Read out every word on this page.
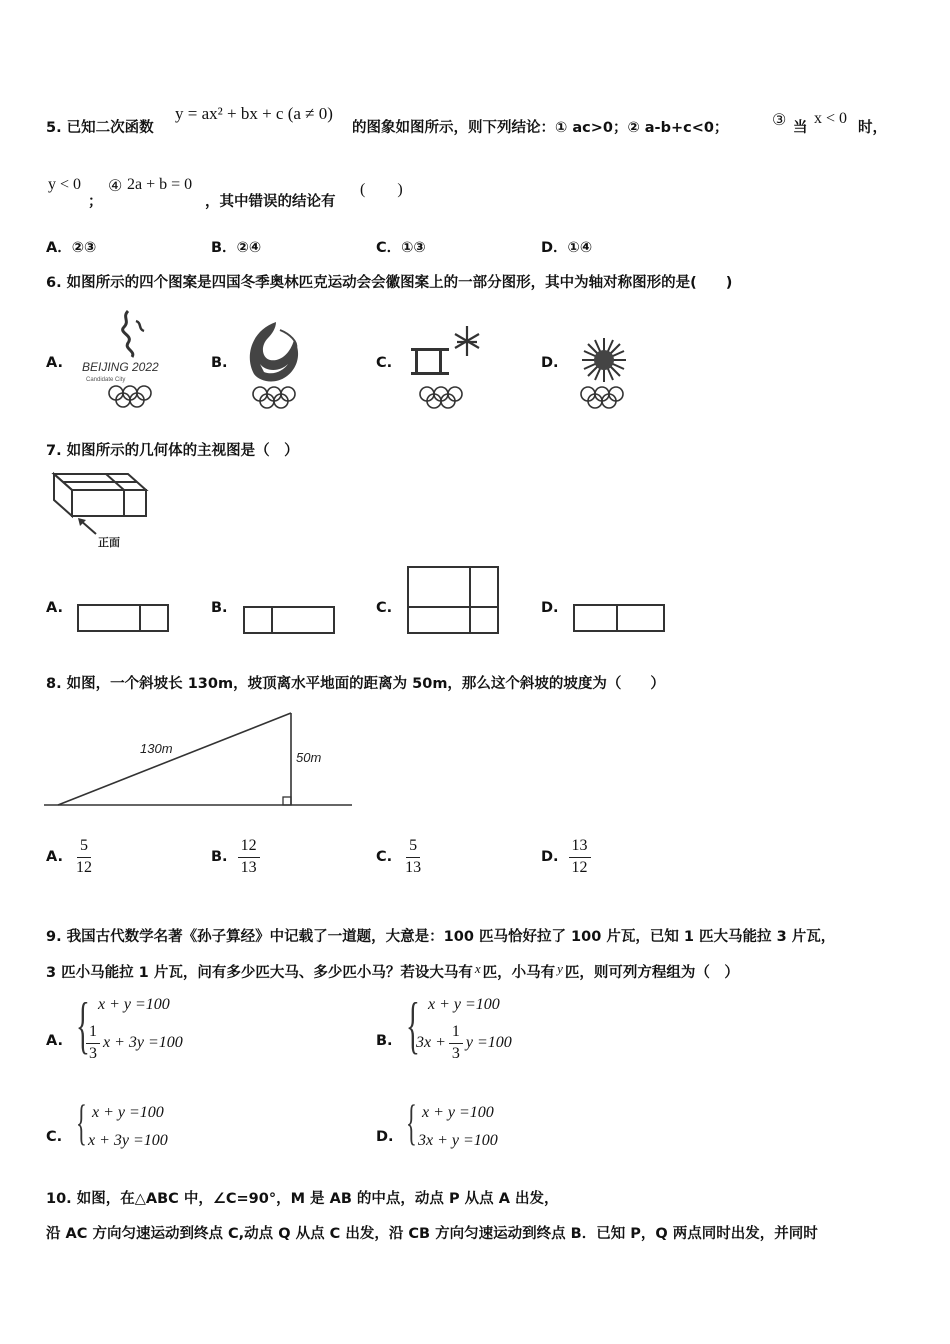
5. 已知二次函数
y = ax² + bx + c (a ≠ 0)
的图象如图所示，则下列结论：① ac>0；② a-b+c<0；	③ 当
x < 0
时，
y < 0
；
④ 2a + b = 0
，其中错误的结论有
(　　)
A．②③	B．②④	C．①③	D．①④
6. 如图所示的四个图案是四国冬季奥林匹克运动会会徽图案上的一部分图形，其中为轴对称图形的是(　　)
A.	B.	C.	D.
BEIJING 2022
Candidate City
7. 如图所示的几何体的主视图是（　）
正面
A.	B.	C.	D.
8. 如图，一个斜坡长 130m，坡顶离水平地面的距离为 50m，那么这个斜坡的坡度为（　　）
130m
50m
A. $\frac{5}{12}$	B. $\frac{12}{13}$	C. $\frac{5}{13}$	D. $\frac{13}{12}$
9. 我国古代数学名著《孙子算经》中记载了一道题，大意是：100 匹马恰好拉了 100 片瓦，已知 1 匹大马能拉 3 片瓦，
3 匹小马能拉 1 片瓦，问有多少匹大马、多少匹小马？若设大马有 x 匹，小马有 y 匹，则可列方程组为（　）
A. { x + y =100
$\frac{1}{3}$ x + 3y =100	B. { x + y =100
$3x + \frac{1}{3}$ y =100
C. { x + y =100
x + 3y =100	D. { x + y =100
3x + y =100
10. 如图，在△ABC 中，∠C=90°，M 是 AB 的中点，动点 P 从点 A 出发，
沿 AC 方向匀速运动到终点 C,动点 Q 从点 C 出发，沿 CB 方向匀速运动到终点 B．已知 P，Q 两点同时出发，并同时
